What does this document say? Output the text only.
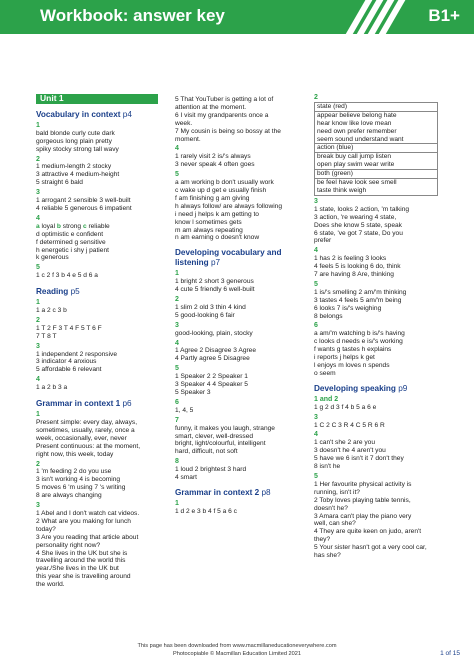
Workbook: answer key	B1+
Unit 1
Vocabulary in context p4
1
bald blonde curly cute dark
gorgeous long plain pretty
spiky stocky strong tall wavy
2
1 medium-length 2 stocky
3 attractive 4 medium-height
5 straight 6 bald
3
1 arrogant 2 sensible 3 well-built
4 reliable 5 generous 6 impatient
4
a loyal b strong c reliable
d optimistic e confident
f determined g sensitive
h energetic i shy j patient
k generous
5
1 c 2 f 3 b 4 e 5 d 6 a
Reading p5
1
1 a 2 c 3 b
2
1 T 2 F 3 T 4 F 5 T 6 F
7 T 8 T
3
1 independent 2 responsive
3 indicator 4 anxious
5 affordable 6 relevant
4
1 a 2 b 3 a
Grammar in context 1 p6
1
Present simple: every day, always,
sometimes, usually, rarely, once a
week, occasionally, ever, never
Present continuous: at the moment,
right now, this week, today
2
1 'm feeding 2 do you use
3 isn't working 4 is becoming
5 moves 6 'm using 7 's writing
8 are always changing
3
1 Abel and I don't watch cat videos.
2 What are you making for lunch
today?
3 Are you reading that article about
personality right now?
4 She lives in the UK but she is
travelling around the world this
year./She lives in the UK but
this year she is travelling around
the world.
5 That YouTuber is getting a lot of
attention at the moment.
6 I visit my grandparents once a
week.
7 My cousin is being so bossy at the
moment.
4
1 rarely visit 2 is/'s always
3 never speak 4 often goes
5
a am working b don't usually work
c wake up d get e usually finish
f am finishing g am giving
h always follow/ are always following
i need j helps k am getting to
know l sometimes gets
m am always repeating
n am earning o doesn't know
Developing vocabulary and listening p7
1
1 bright 2 short 3 generous
4 cute 5 friendly 6 well-built
2
1 slim 2 old 3 thin 4 kind
5 good-looking 6 fair
3
good-looking, plain, stocky
4
1 Agree 2 Disagree 3 Agree
4 Partly agree 5 Disagree
5
1 Speaker 2 2 Speaker 1
3 Speaker 4 4 Speaker 5
5 Speaker 3
6
1, 4, 5
7
funny, it makes you laugh, strange
smart, clever, well-dressed
bright, light/colourful, intelligent
hard, difficult, not soft
8
1 loud 2 brightest 3 hard
4 smart
Grammar in context 2 p8
1
1 d 2 e 3 b 4 f 5 a 6 c
2
state (red)
appear believe belong hate
hear know like love mean
need own prefer remember
seem sound understand want
action (blue)
break buy call jump listen
open play swim wear write
both (green)
be feel have look see smell
taste think weigh
3
1 state, looks 2 action, 'm talking
3 action, 're wearing 4 state,
Does she know 5 state, speak
6 state, 've got 7 state, Do you
prefer
4
1 has 2 is feeling 3 looks
4 feels 5 is looking 6 do, think
7 are having 8 Are, thinking
5
1 is/'s smelling 2 am/'m thinking
3 tastes 4 feels 5 am/'m being
6 looks 7 is/'s weighing
8 belongs
6
a am/'m watching b is/'s having
c looks d needs e is/'s working
f wants g tastes h explains
i reports j helps k get
l enjoys m loves n spends
o seem
Developing speaking p9
1 and 2
1 g 2 d 3 f 4 b 5 a 6 e
3
1 C 2 C 3 R 4 C 5 R 6 R
4
1 can't she 2 are you
3 doesn't he 4 aren't you
5 have we 6 isn't it 7 don't they
8 isn't he
5
1 Her favourite physical activity is
running, isn't it?
2 Toby loves playing table tennis,
doesn't he?
3 Amara can't play the piano very
well, can she?
4 They are quite keen on judo, aren't
they?
5 Your sister hasn't got a very cool car,
has she?
This page has been downloaded from www.macmillaneducationeverywhere.com
Photocopiable © Macmillan Education Limited 2021	1 of 15
